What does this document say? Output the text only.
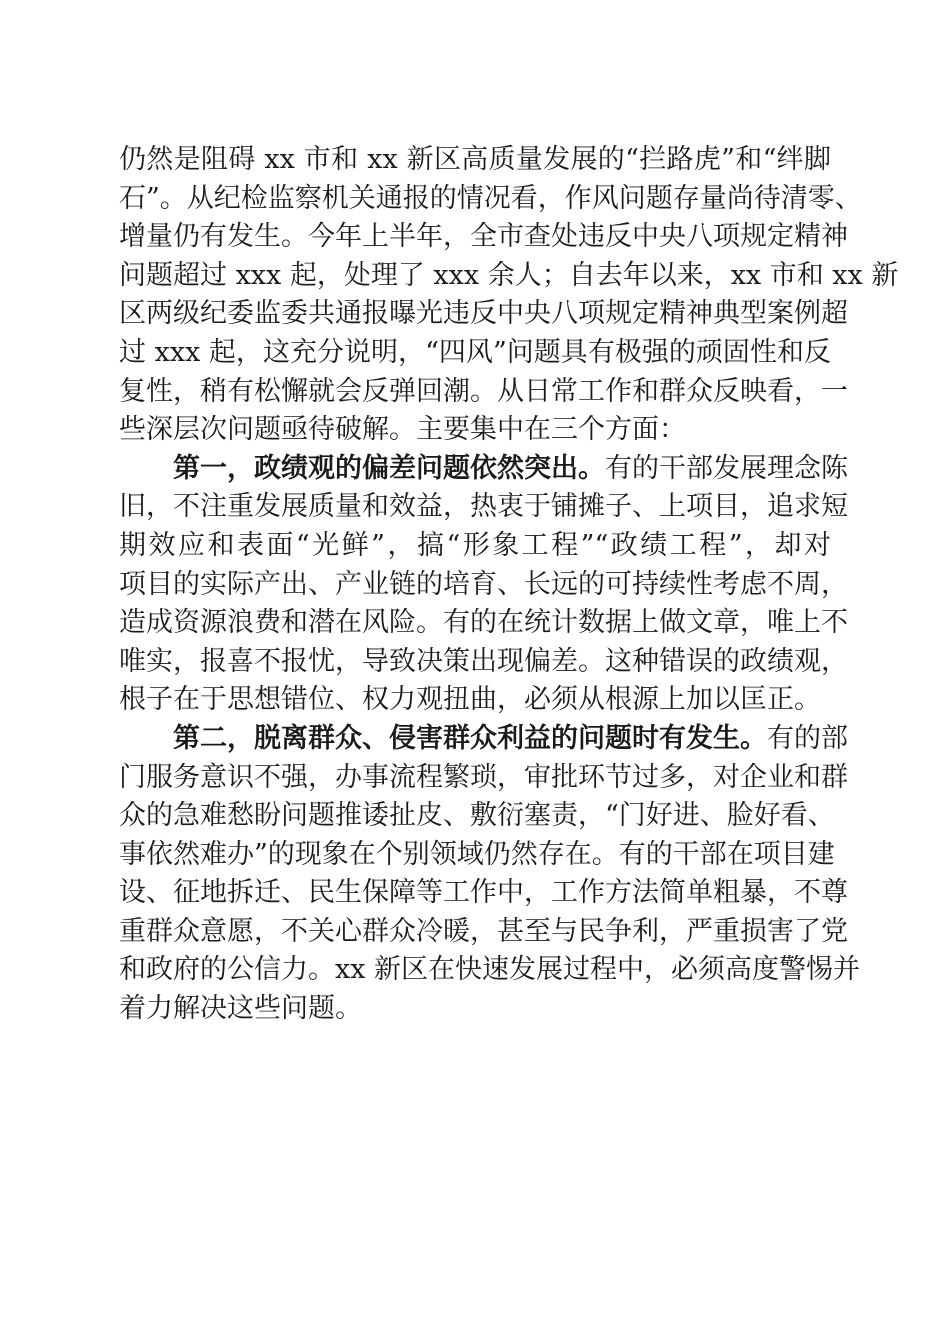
仍然是阻碍 xx 市和 xx 新区高质量发展的“拦路虎”和“绊脚
石”。从纪检监察机关通报的情况看，作风问题存量尚待清零、
增量仍有发生。今年上半年，全市查处违反中央八项规定精神
问题超过 xxx 起，处理了 xxx 余人；自去年以来，xx 市和 xx 新
区两级纪委监委共通报曝光违反中央八项规定精神典型案例超
过 xxx 起，这充分说明，“四风”问题具有极强的顽固性和反
复性，稍有松懈就会反弹回潮。从日常工作和群众反映看，一
些深层次问题亟待破解。主要集中在三个方面：
第一，政绩观的偏差问题依然突出。有的干部发展理念陈
旧，不注重发展质量和效益，热衷于铺摊子、上项目，追求短
期效应和表面“光鲜”，搞“形象工程”“政绩工程”，却对
项目的实际产出、产业链的培育、长远的可持续性考虑不周，
造成资源浪费和潜在风险。有的在统计数据上做文章，唯上不
唯实，报喜不报忧，导致决策出现偏差。这种错误的政绩观，
根子在于思想错位、权力观扭曲，必须从根源上加以匡正。
第二，脱离群众、侵害群众利益的问题时有发生。有的部
门服务意识不强，办事流程繁琐，审批环节过多，对企业和群
众的急难愁盼问题推诿扯皮、敷衍塞责，“门好进、脸好看、
事依然难办”的现象在个别领域仍然存在。有的干部在项目建
设、征地拆迁、民生保障等工作中，工作方法简单粗暴，不尊
重群众意愿，不关心群众冷暖，甚至与民争利，严重损害了党
和政府的公信力。xx 新区在快速发展过程中，必须高度警惕并
着力解决这些问题。
